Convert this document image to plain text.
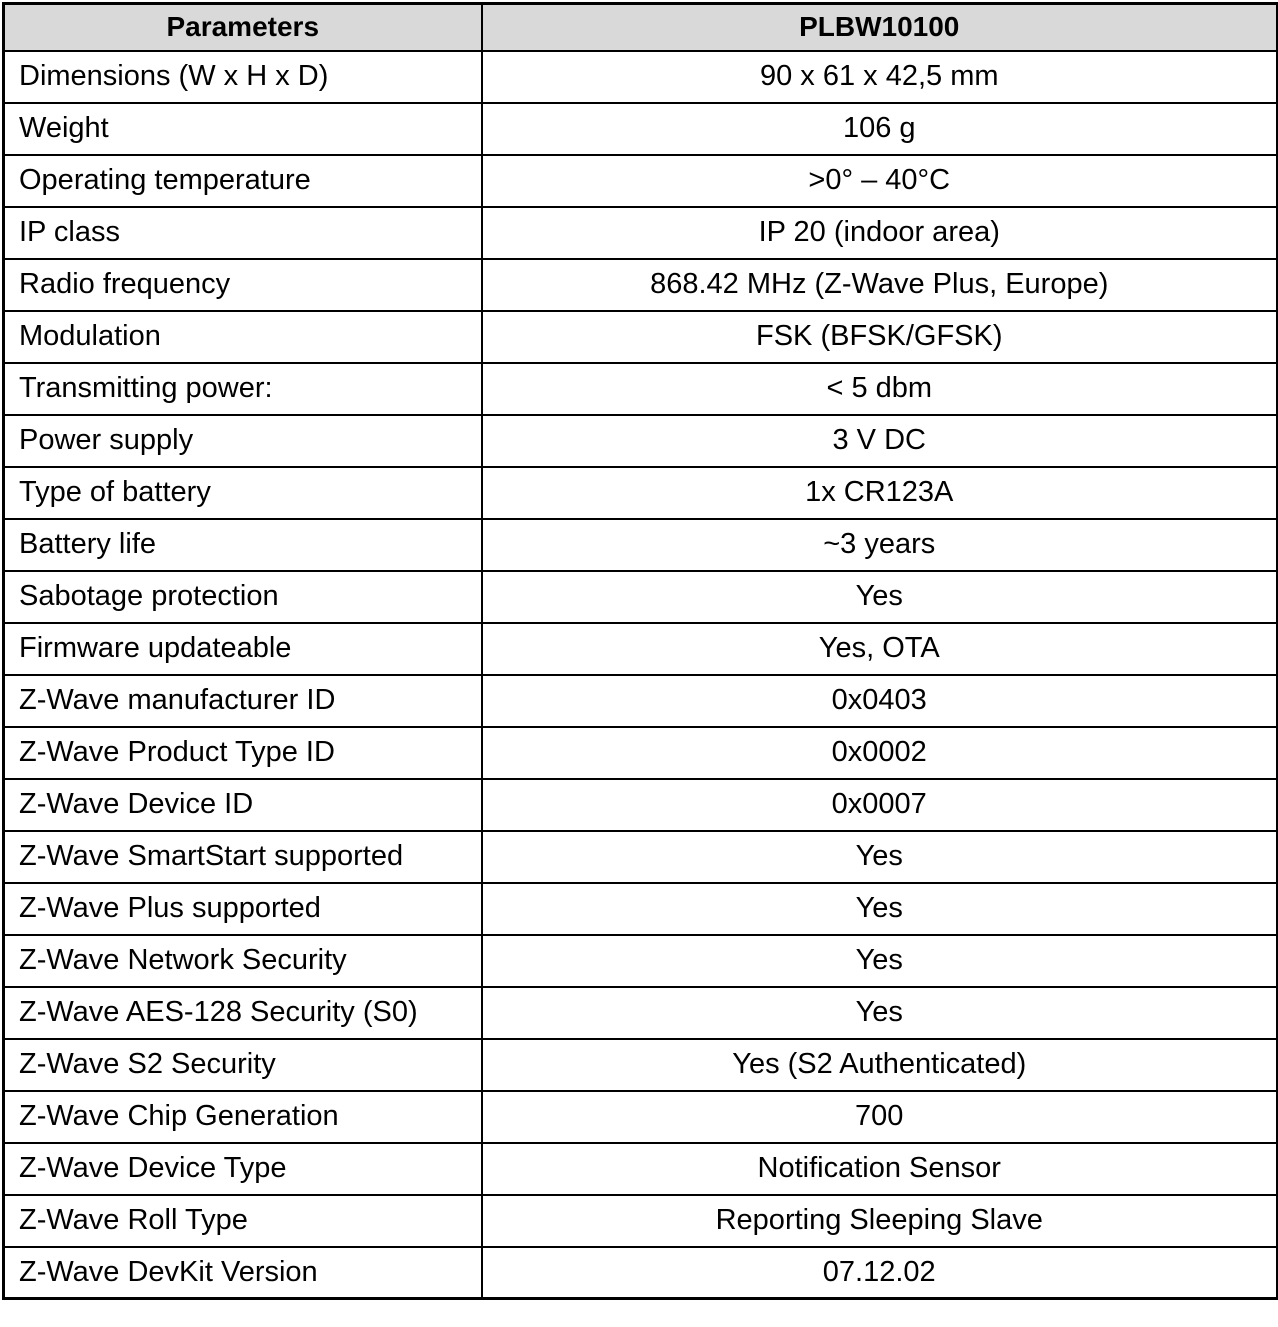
Parameters	PLBW10100
Dimensions (W x H x D)	90 x 61 x 42,5 mm
Weight	106 g
Operating temperature	>0° – 40°C
IP class	IP 20 (indoor area)
Radio frequency	868.42 MHz (Z-Wave Plus, Europe)
Modulation	FSK (BFSK/GFSK)
Transmitting power:	< 5 dbm
Power supply	3 V DC
Type of battery	1x CR123A
Battery life	~3 years
Sabotage protection	Yes
Firmware updateable	Yes, OTA
Z-Wave manufacturer ID	0x0403
Z-Wave Product Type ID	0x0002
Z-Wave Device ID	0x0007
Z-Wave SmartStart supported	Yes
Z-Wave Plus supported	Yes
Z-Wave Network Security	Yes
Z-Wave AES-128 Security (S0)	Yes
Z-Wave S2 Security	Yes (S2 Authenticated)
Z-Wave Chip Generation	700
Z-Wave Device Type	Notification Sensor
Z-Wave Roll Type	Reporting Sleeping Slave
Z-Wave DevKit Version	07.12.02
